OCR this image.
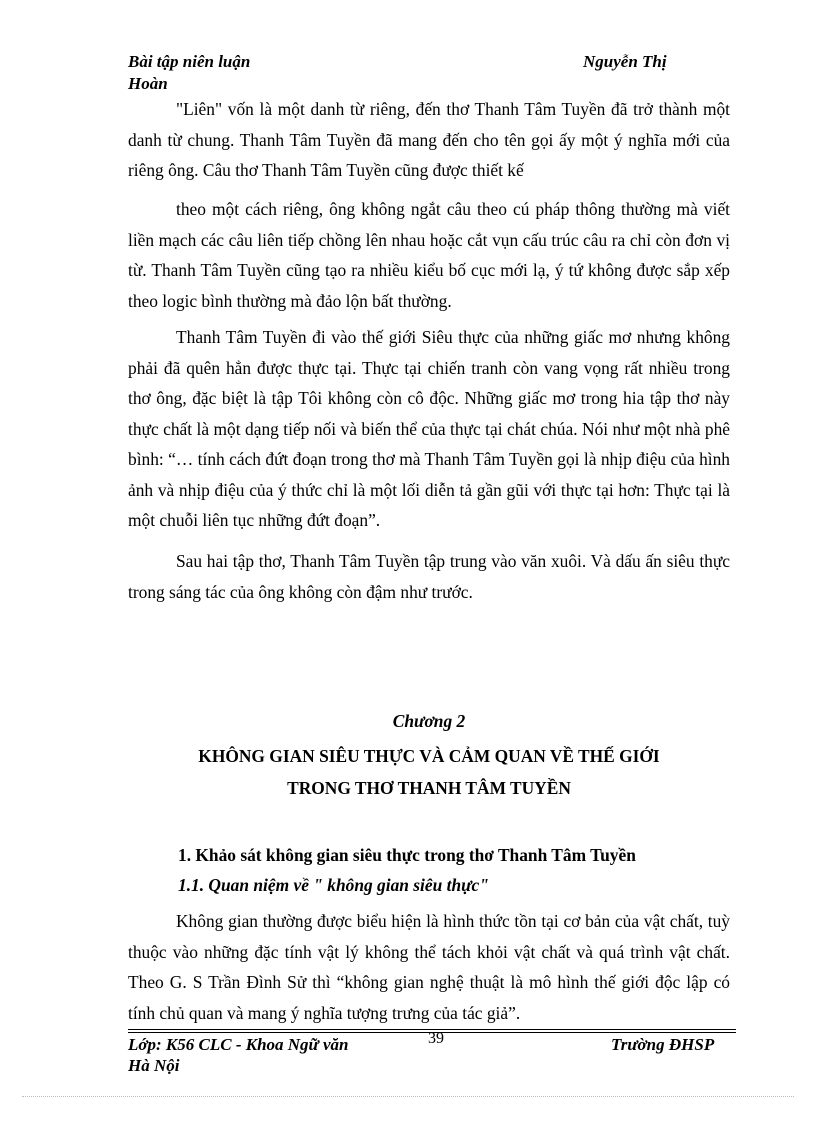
Bài tập niên luận	Nguyễn Thị
Hoàn
"Liên" vốn là một danh từ riêng, đến thơ Thanh Tâm Tuyền đã trở thành một danh từ chung. Thanh Tâm Tuyền đã mang đến cho tên gọi ấy một ý nghĩa mới của riêng ông. Câu thơ Thanh Tâm Tuyền cũng được thiết kế
theo một cách riêng, ông không ngắt câu theo cú pháp thông thường mà viết liền mạch các câu liên tiếp chồng lên nhau hoặc cắt vụn cấu trúc câu ra chỉ còn đơn vị từ. Thanh Tâm Tuyền cũng tạo ra nhiều kiểu bố cục mới lạ, ý tứ không được sắp xếp theo logic bình thường mà đảo lộn bất thường.
Thanh Tâm Tuyền đi vào thế giới Siêu thực của những giấc mơ nhưng không phải đã quên hẳn được thực tại. Thực tại chiến tranh còn vang vọng rất nhiều trong thơ ông, đặc biệt là tập Tôi không còn cô độc. Những giấc mơ trong hia tập thơ này thực chất là một dạng tiếp nối và biến thể của thực tại chát chúa. Nói như một nhà phê bình: “… tính cách đứt đoạn trong thơ mà Thanh Tâm Tuyền gọi là nhịp điệu của hình ảnh và nhịp điệu của ý thức chỉ là một lối diễn tả gần gũi với thực tại hơn: Thực tại là một chuỗi liên tục những đứt đoạn”.
Sau hai tập thơ, Thanh Tâm Tuyền tập trung vào văn xuôi. Và dấu ấn siêu thực trong sáng tác của ông không còn đậm như trước.
Chương 2
KHÔNG GIAN SIÊU THỰC VÀ CẢM QUAN VỀ THẾ GIỚI
TRONG THƠ THANH TÂM TUYỀN
1. Khảo sát không gian siêu thực trong thơ Thanh Tâm Tuyền
1.1. Quan niệm về " không gian siêu thực"
Không gian thường được biểu hiện là hình thức tồn tại cơ bản của vật chất, tuỳ thuộc vào những đặc tính vật lý không thể tách khỏi vật chất và quá trình vật chất. Theo G. S Trần Đình Sử thì “không gian nghệ thuật là mô hình thế giới độc lập có tính chủ quan và mang ý nghĩa tượng trưng của tác giả”.
Lớp: K56 CLC - Khoa Ngữ văn	39	Trường ĐHSP
Hà Nội
